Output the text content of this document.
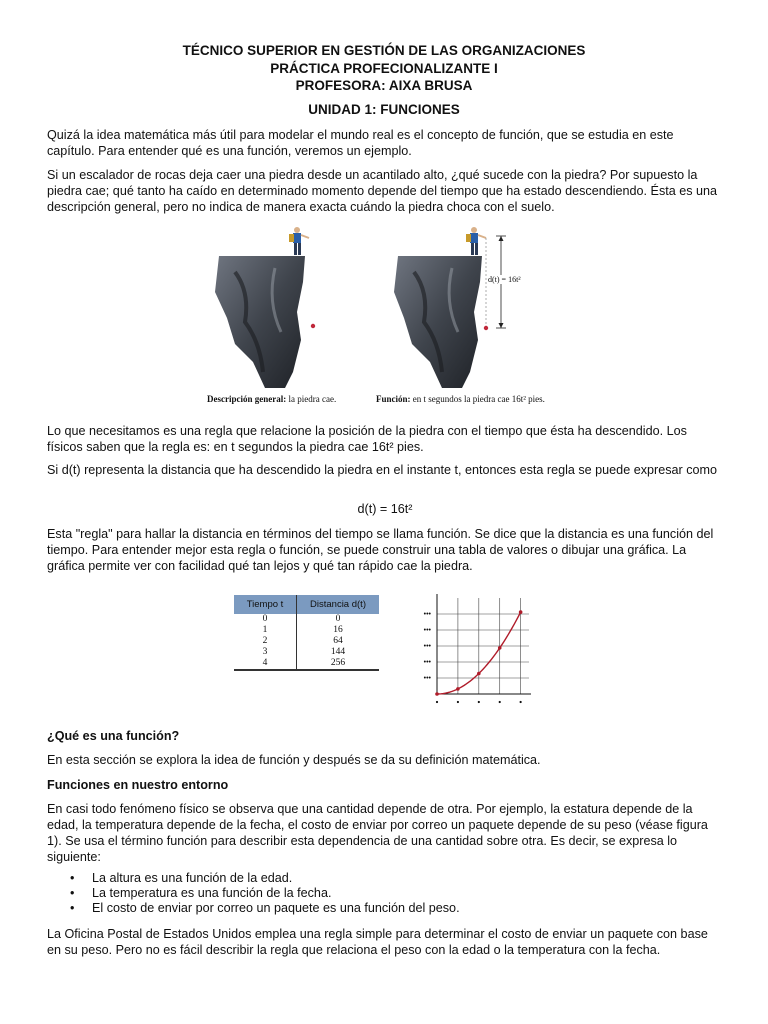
TÉCNICO SUPERIOR EN GESTIÓN DE LAS ORGANIZACIONES
PRÁCTICA PROFECIONALIZANTE I
PROFESORA: AIXA BRUSA
UNIDAD 1: FUNCIONES

Quizá la idea matemática más útil para modelar el mundo real es el concepto de función, que se estudia en este capítulo. Para entender qué es una función, veremos un ejemplo.

Si un escalador de rocas deja caer una piedra desde un acantilado alto, ¿qué sucede con la piedra? Por supuesto la piedra cae; qué tanto ha caído en determinado momento depende del tiempo que ha estado descendiendo. Ésta es una descripción general, pero no indica de manera exacta cuándo la piedra choca con el suelo.

d(t) = 16t²
Descripción general: la piedra cae.	Función: en t segundos la piedra cae 16t² pies.

Lo que necesitamos es una regla que relacione la posición de la piedra con el tiempo que ésta ha descendido. Los físicos saben que la regla es: en t segundos la piedra cae 16t² pies.

Si d(t) representa la distancia que ha descendido la piedra en el instante t, entonces esta regla se puede expresar como

d(t) = 16t²

Esta "regla" para hallar la distancia en términos del tiempo se llama función. Se dice que la distancia es una función del tiempo. Para entender mejor esta regla o función, se puede construir una tabla de valores o dibujar una gráfica. La gráfica permite ver con facilidad qué tan lejos y qué tan rápido cae la piedra.

Tiempo t	Distancia d(t)
0	0
1	16
2	64
3	144
4	256
•••
•••
•••
•••
•••

¿Qué es una función?

En esta sección se explora la idea de función y después se da su definición matemática.

Funciones en nuestro entorno

En casi todo fenómeno físico se observa que una cantidad depende de otra. Por ejemplo, la estatura depende de la edad, la temperatura depende de la fecha, el costo de enviar por correo un paquete depende de su peso (véase figura 1). Se usa el término función para describir esta dependencia de una cantidad sobre otra. Es decir, se expresa lo siguiente:

• La altura es una función de la edad.
• La temperatura es una función de la fecha.
• El costo de enviar por correo un paquete es una función del peso.

La Oficina Postal de Estados Unidos emplea una regla simple para determinar el costo de enviar un paquete con base en su peso. Pero no es fácil describir la regla que relaciona el peso con la edad o la temperatura con la fecha.
